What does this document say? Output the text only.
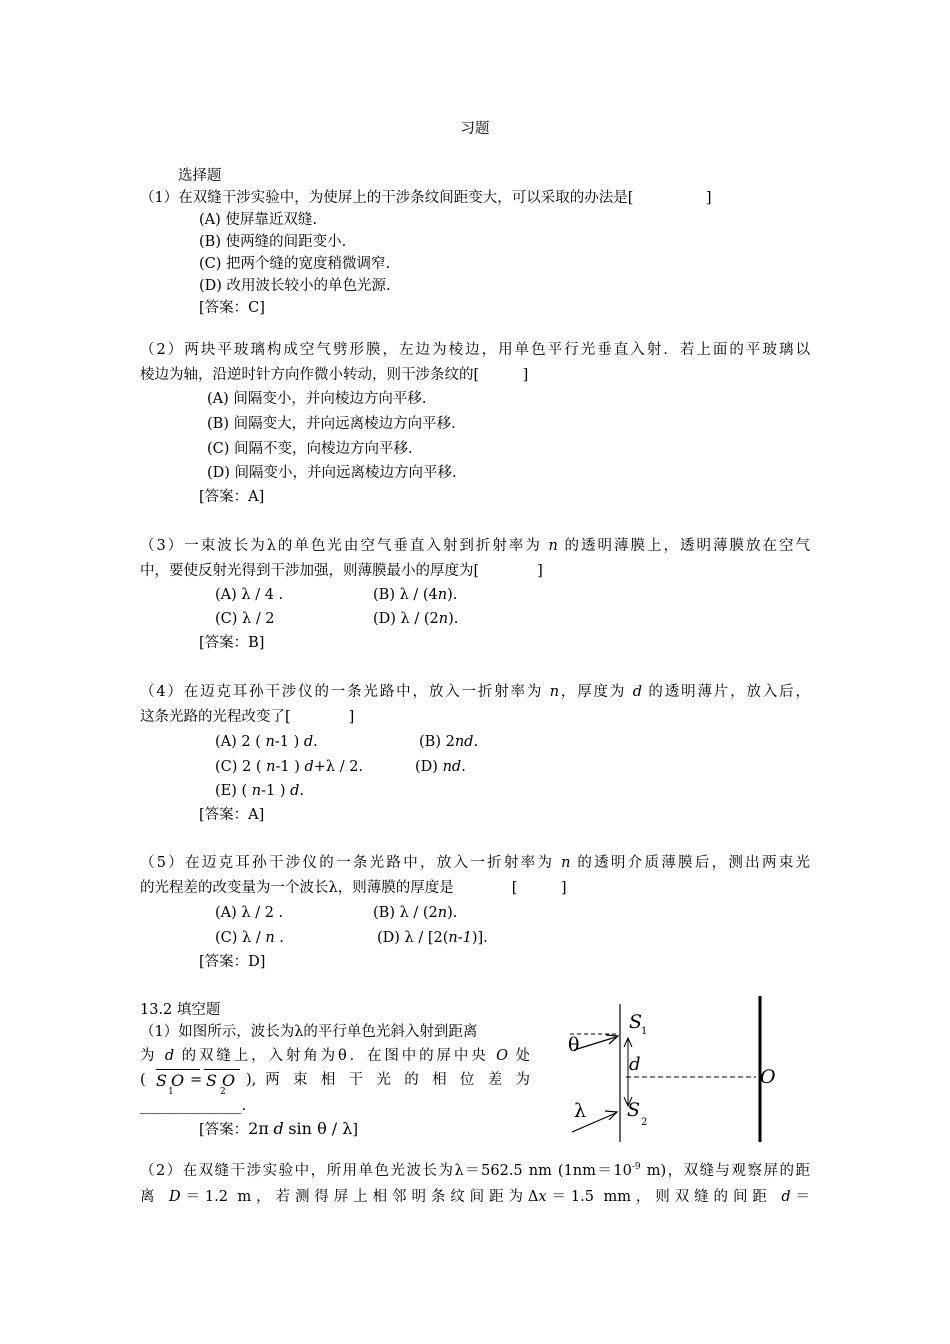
习题
选择题
（1）在双缝干涉实验中，为使屏上的干涉条纹间距变大，可以采取的办法是[　　　　　]
(A) 使屏靠近双缝.
(B) 使两缝的间距变小.
(C) 把两个缝的宽度稍微调窄.
(D) 改用波长较小的单色光源.
[答案：C]
（2）两块平玻璃构成空气劈形膜，左边为棱边，用单色平行光垂直入射．若上面的平玻璃以
棱边为轴，沿逆时针方向作微小转动，则干涉条纹的[　　　]
(A) 间隔变小，并向棱边方向平移.
(B) 间隔变大，并向远离棱边方向平移.
(C) 间隔不变，向棱边方向平移.
(D) 间隔变小，并向远离棱边方向平移.
[答案：A]
（3）一束波长为λ的单色光由空气垂直入射到折射率为 n 的透明薄膜上，透明薄膜放在空气
中，要使反射光得到干涉加强，则薄膜最小的厚度为[　　　　]
(A) λ / 4 .	(B) λ / (4n).
(C) λ / 2	(D) λ / (2n).
[答案：B]
（4）在迈克耳孙干涉仪的一条光路中，放入一折射率为 n，厚度为 d 的透明薄片，放入后，
这条光路的光程改变了[　　　　]
(A) 2 ( n-1 ) d.	(B) 2nd.
(C) 2 ( n-1 ) d+λ / 2.	(D) nd.
(E) ( n-1 ) d.
[答案：A]
（5）在迈克耳孙干涉仪的一条光路中，放入一折射率为 n 的透明介质薄膜后，测出两束光
的光程差的改变量为一个波长λ，则薄膜的厚度是　　　　[　　　]
(A) λ / 2 .	(B) λ / (2n).
(C) λ / n .	(D) λ / [2(n-1)].
[答案：D]
13.2 填空题
（1）如图所示，波长为λ的平行单色光斜入射到距离
为 d 的双缝上，入射角为θ．在图中的屏中央 O 处
( S O
1
= S O
2
), 两 束 相 干 光 的 相 位 差 为
______________.
[答案：2π d sin θ / λ]
S
1
S
2
d
O
θ
λ
（2）在双缝干涉实验中，所用单色光波长为λ＝562.5 nm ($1nm=10^{-9}$ m)，双缝与观察屏的距
离 D＝1.2 m，若测得屏上相邻明条纹间距为Δx＝1.5 mm，则双缝的间距 d＝
